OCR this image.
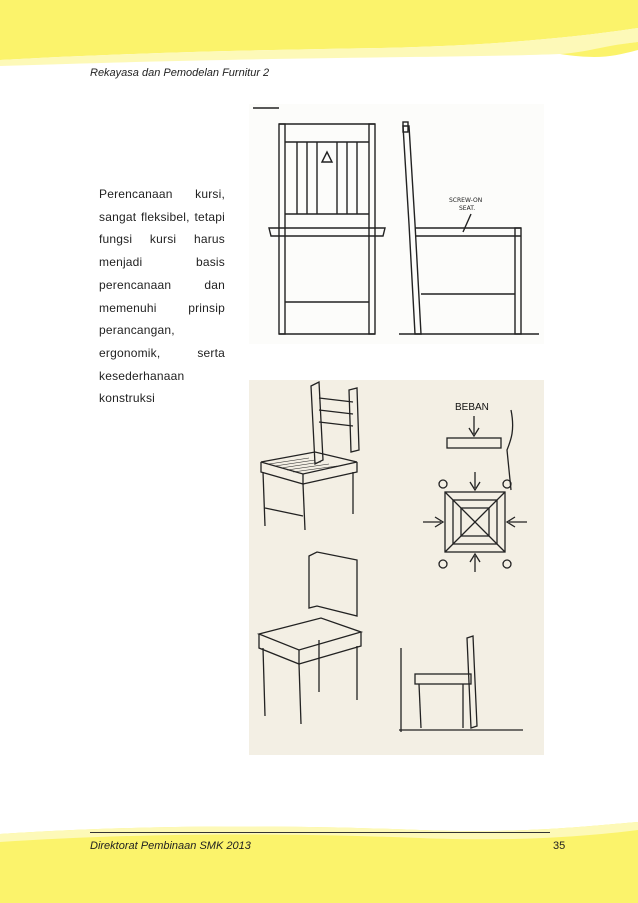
Rekayasa dan Pemodelan Furnitur 2
Perencanaan kursi, sangat fleksibel, tetapi fungsi kursi harus menjadi basis perencanaan dan memenuhi prinsip perancangan, ergonomik, serta kesederhanaan konstruksi
SCREW-ON
SEAT.
BEBAN
Direktorat Pembinaan SMK 2013	35
